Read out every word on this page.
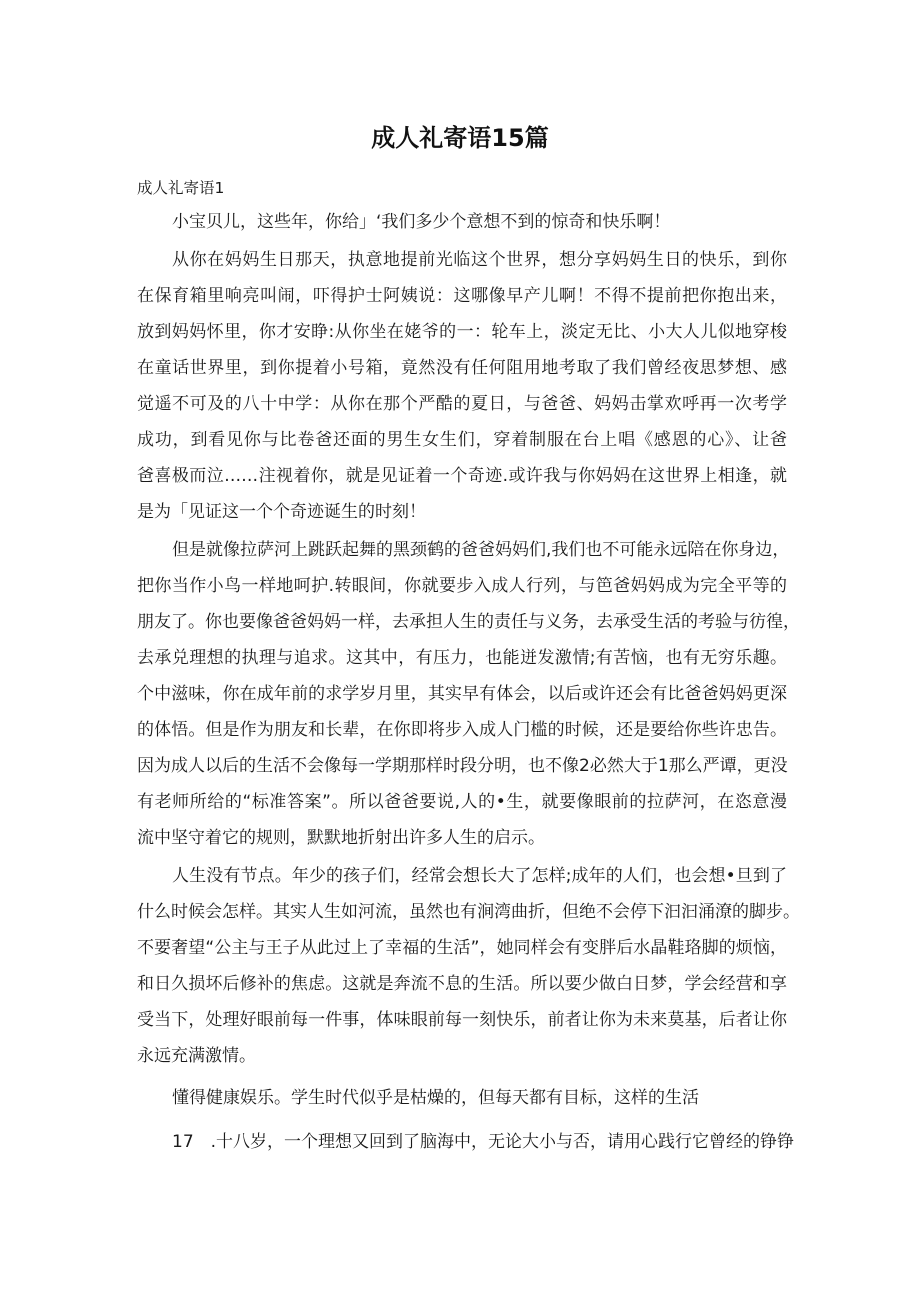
成人礼寄语15篇
成人礼寄语1
小宝贝儿，这些年，你给」‘我们多少个意想不到的惊奇和快乐啊！
从你在妈妈生日那天，执意地提前光临这个世界，想分享妈妈生日的快乐，到你
在保育箱里响亮叫闹，吓得护士阿姨说：这哪像早产儿啊！不得不提前把你抱出来，
放到妈妈怀里，你才安睁:从你坐在姥爷的一：轮车上，淡定无比、小大人儿似地穿梭
在童话世界里，到你提着小号箱，竟然没有任何阻用地考取了我们曾经夜思梦想、感
觉遥不可及的八十中学：从你在那个严酷的夏日，与爸爸、妈妈击掌欢呼再一次考学
成功，到看见你与比卷爸还面的男生女生们，穿着制服在台上唱《感恩的心》、让爸
爸喜极而泣……注视着你，就是见证着一个奇迹.或许我与你妈妈在这世界上相逢，就
是为「见证这一个个奇迹诞生的时刻！
但是就像拉萨河上跳跃起舞的黑颈鹤的爸爸妈妈们,我们也不可能永远陪在你身边，
把你当作小鸟一样地呵护.转眼间，你就要步入成人行列，与笆爸妈妈成为完全平等的
朋友了。你也要像爸爸妈妈一样，去承担人生的责任与义务，去承受生活的考验与彷徨，
去承兑理想的执理与追求。这其中，有压力，也能迸发激情;有苦恼，也有无穷乐趣。
个中滋味，你在成年前的求学岁月里，其实早有体会，以后或许还会有比爸爸妈妈更深
的体悟。但是作为朋友和长辈，在你即将步入成人门槛的时候，还是要给你些许忠告。
因为成人以后的生活不会像每一学期那样时段分明，也不像2必然大于1那么严谭，更没
有老师所给的“标准答案”。所以爸爸要说,人的•生，就要像眼前的拉萨河，在恣意漫
流中坚守着它的规则，默默地折射出许多人生的启示。
人生没有节点。年少的孩子们，经常会想长大了怎样;成年的人们，也会想•旦到了
什么时候会怎样。其实人生如河流，虽然也有涧湾曲折，但绝不会停下汩汩涌潦的脚步。
不要奢望“公主与王子从此过上了幸福的生活”，她同样会有变胖后水晶鞋珞脚的烦恼，
和日久损坏后修补的焦虑。这就是奔流不息的生活。所以要少做白日梦，学会经营和享
受当下，处理好眼前每一件事，体味眼前每一刻快乐，前者让你为未来莫基，后者让你
永远充满激情。
懂得健康娱乐。学生时代似乎是枯燥的，但每天都有目标，这样的生活
17　.十八岁，一个理想又回到了脑海中，无论大小与否，请用心践行它曾经的铮铮
